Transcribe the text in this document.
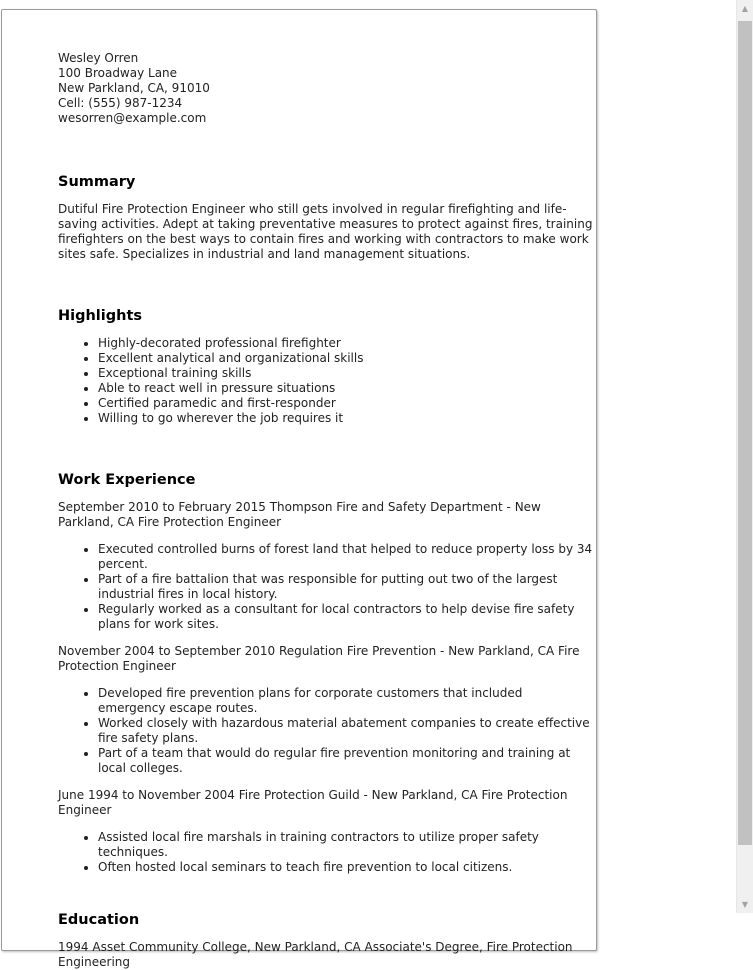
Wesley Orren
100 Broadway Lane
New Parkland, CA, 91010
Cell: (555) 987-1234
wesorren@example.com
Summary
Dutiful Fire Protection Engineer who still gets involved in regular firefighting and life-saving activities. Adept at taking preventative measures to protect against fires, training firefighters on the best ways to contain fires and working with contractors to make work sites safe. Specializes in industrial and land management situations.
Highlights
• Highly-decorated professional firefighter
• Excellent analytical and organizational skills
• Exceptional training skills
• Able to react well in pressure situations
• Certified paramedic and first-responder
• Willing to go wherever the job requires it
Work Experience
September 2010 to February 2015 Thompson Fire and Safety Department - New Parkland, CA Fire Protection Engineer
• Executed controlled burns of forest land that helped to reduce property loss by 34 percent.
• Part of a fire battalion that was responsible for putting out two of the largest industrial fires in local history.
• Regularly worked as a consultant for local contractors to help devise fire safety plans for work sites.
November 2004 to September 2010 Regulation Fire Prevention - New Parkland, CA Fire Protection Engineer
• Developed fire prevention plans for corporate customers that included emergency escape routes.
• Worked closely with hazardous material abatement companies to create effective fire safety plans.
• Part of a team that would do regular fire prevention monitoring and training at local colleges.
June 1994 to November 2004 Fire Protection Guild - New Parkland, CA Fire Protection Engineer
• Assisted local fire marshals in training contractors to utilize proper safety techniques.
• Often hosted local seminars to teach fire prevention to local citizens.
Education
1994 Asset Community College, New Parkland, CA Associate's Degree, Fire Protection Engineering
▲
▼
